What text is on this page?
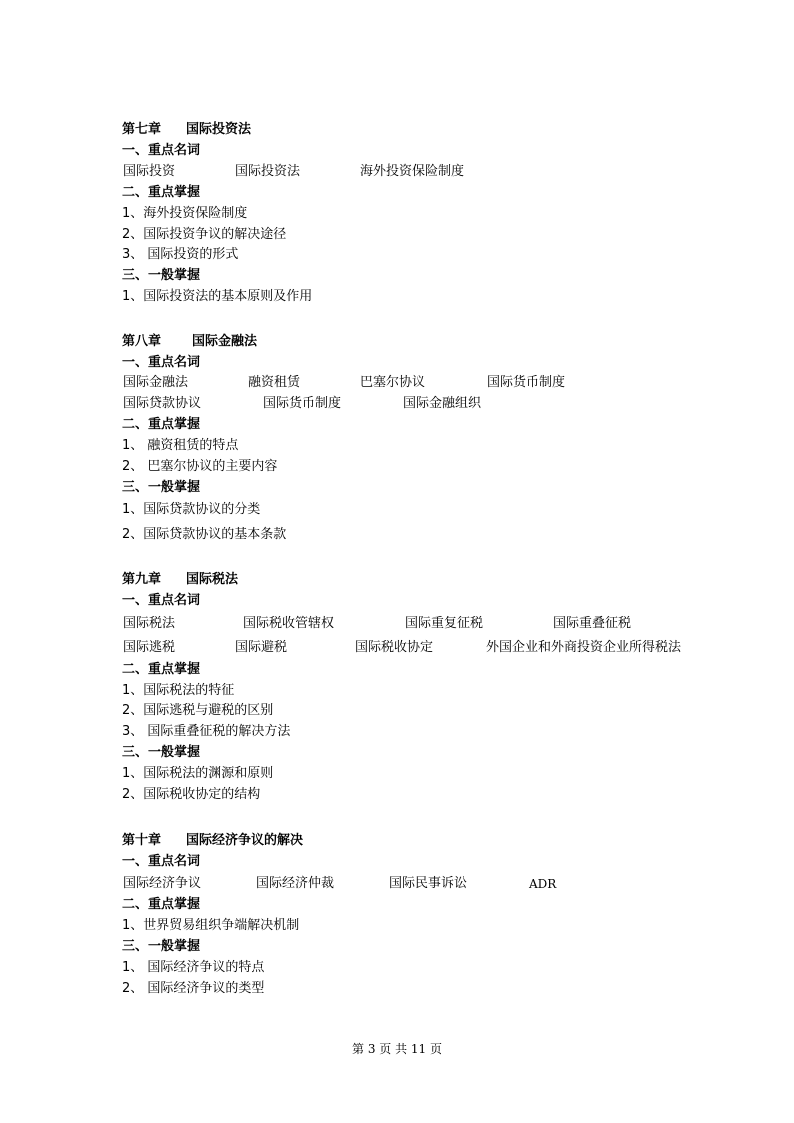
第七章 国际投资法
一、重点名词
国际投资	国际投资法	海外投资保险制度
二、重点掌握
1、海外投资保险制度
2、国际投资争议的解决途径
3、 国际投资的形式
三、一般掌握
1、国际投资法的基本原则及作用
第八章 国际金融法
一、重点名词
国际金融法	融资租赁	巴塞尔协议	国际货币制度
国际贷款协议	国际货币制度	国际金融组织
二、重点掌握
1、 融资租赁的特点
2、 巴塞尔协议的主要内容
三、一般掌握
1、国际贷款协议的分类
2、国际贷款协议的基本条款
第九章 国际税法
一、重点名词
国际税法	国际税收管辖权	国际重复征税	国际重叠征税
国际逃税	国际避税	国际税收协定	外国企业和外商投资企业所得税法
二、重点掌握
1、国际税法的特征
2、国际逃税与避税的区别
3、 国际重叠征税的解决方法
三、一般掌握
1、国际税法的渊源和原则
2、国际税收协定的结构
第十章 国际经济争议的解决
一、重点名词
国际经济争议	国际经济仲裁	国际民事诉讼	ADR
二、重点掌握
1、世界贸易组织争端解决机制
三、一般掌握
1、 国际经济争议的特点
2、 国际经济争议的类型
第 3 页 共 11 页
